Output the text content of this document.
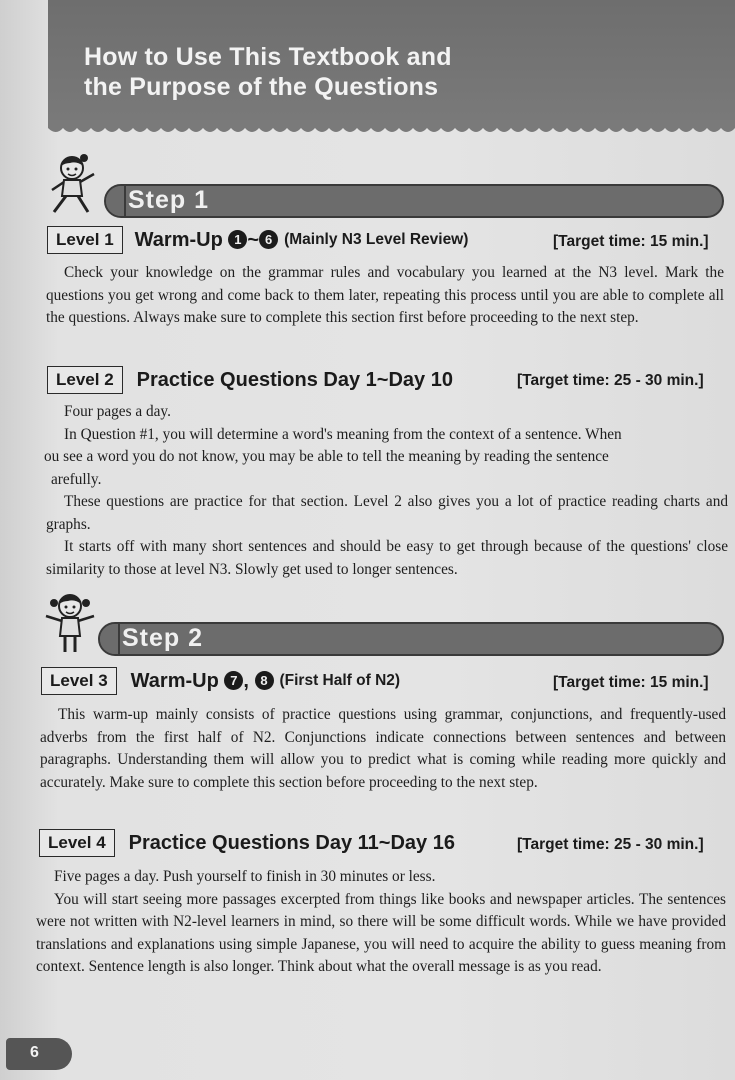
How to Use This Textbook and
the Purpose of the Questions
Step 1
Level 1	Warm-Up 1 ~ 6 (Mainly N3 Level Review)	[Target time: 15 min.]

Check your knowledge on the grammar rules and vocabulary you learned at the N3 level. Mark the questions you get wrong and come back to them later, repeating this process until you are able to complete all the questions. Always make sure to complete this section first before proceeding to the next step.

Level 2	Practice Questions Day 1~Day 10	[Target time: 25 - 30 min.]

Four pages a day.

In Question #1, you will determine a word's meaning from the context of a sentence. When

ou see a word you do not know, you may be able to tell the meaning by reading the sentence

arefully.

These questions are practice for that section. Level 2 also gives you a lot of practice reading charts and graphs.

It starts off with many short sentences and should be easy to get through because of the questions' close similarity to those at level N3. Slowly get used to longer sentences.

Step 2
Level 3	Warm-Up 7 , 8 (First Half of N2)	[Target time: 15 min.]

This warm-up mainly consists of practice questions using grammar, conjunctions, and frequently-used adverbs from the first half of N2. Conjunctions indicate connections between sentences and between paragraphs. Understanding them will allow you to predict what is coming while reading more quickly and accurately. Make sure to complete this section before proceeding to the next step.

Level 4	Practice Questions Day 11~Day 16	[Target time: 25 - 30 min.]

Five pages a day. Push yourself to finish in 30 minutes or less.

You will start seeing more passages excerpted from things like books and newspaper articles. The sentences were not written with N2-level learners in mind, so there will be some difficult words. While we have provided translations and explanations using simple Japanese, you will need to acquire the ability to guess meaning from context. Sentence length is also longer. Think about what the overall message is as you read.

6
